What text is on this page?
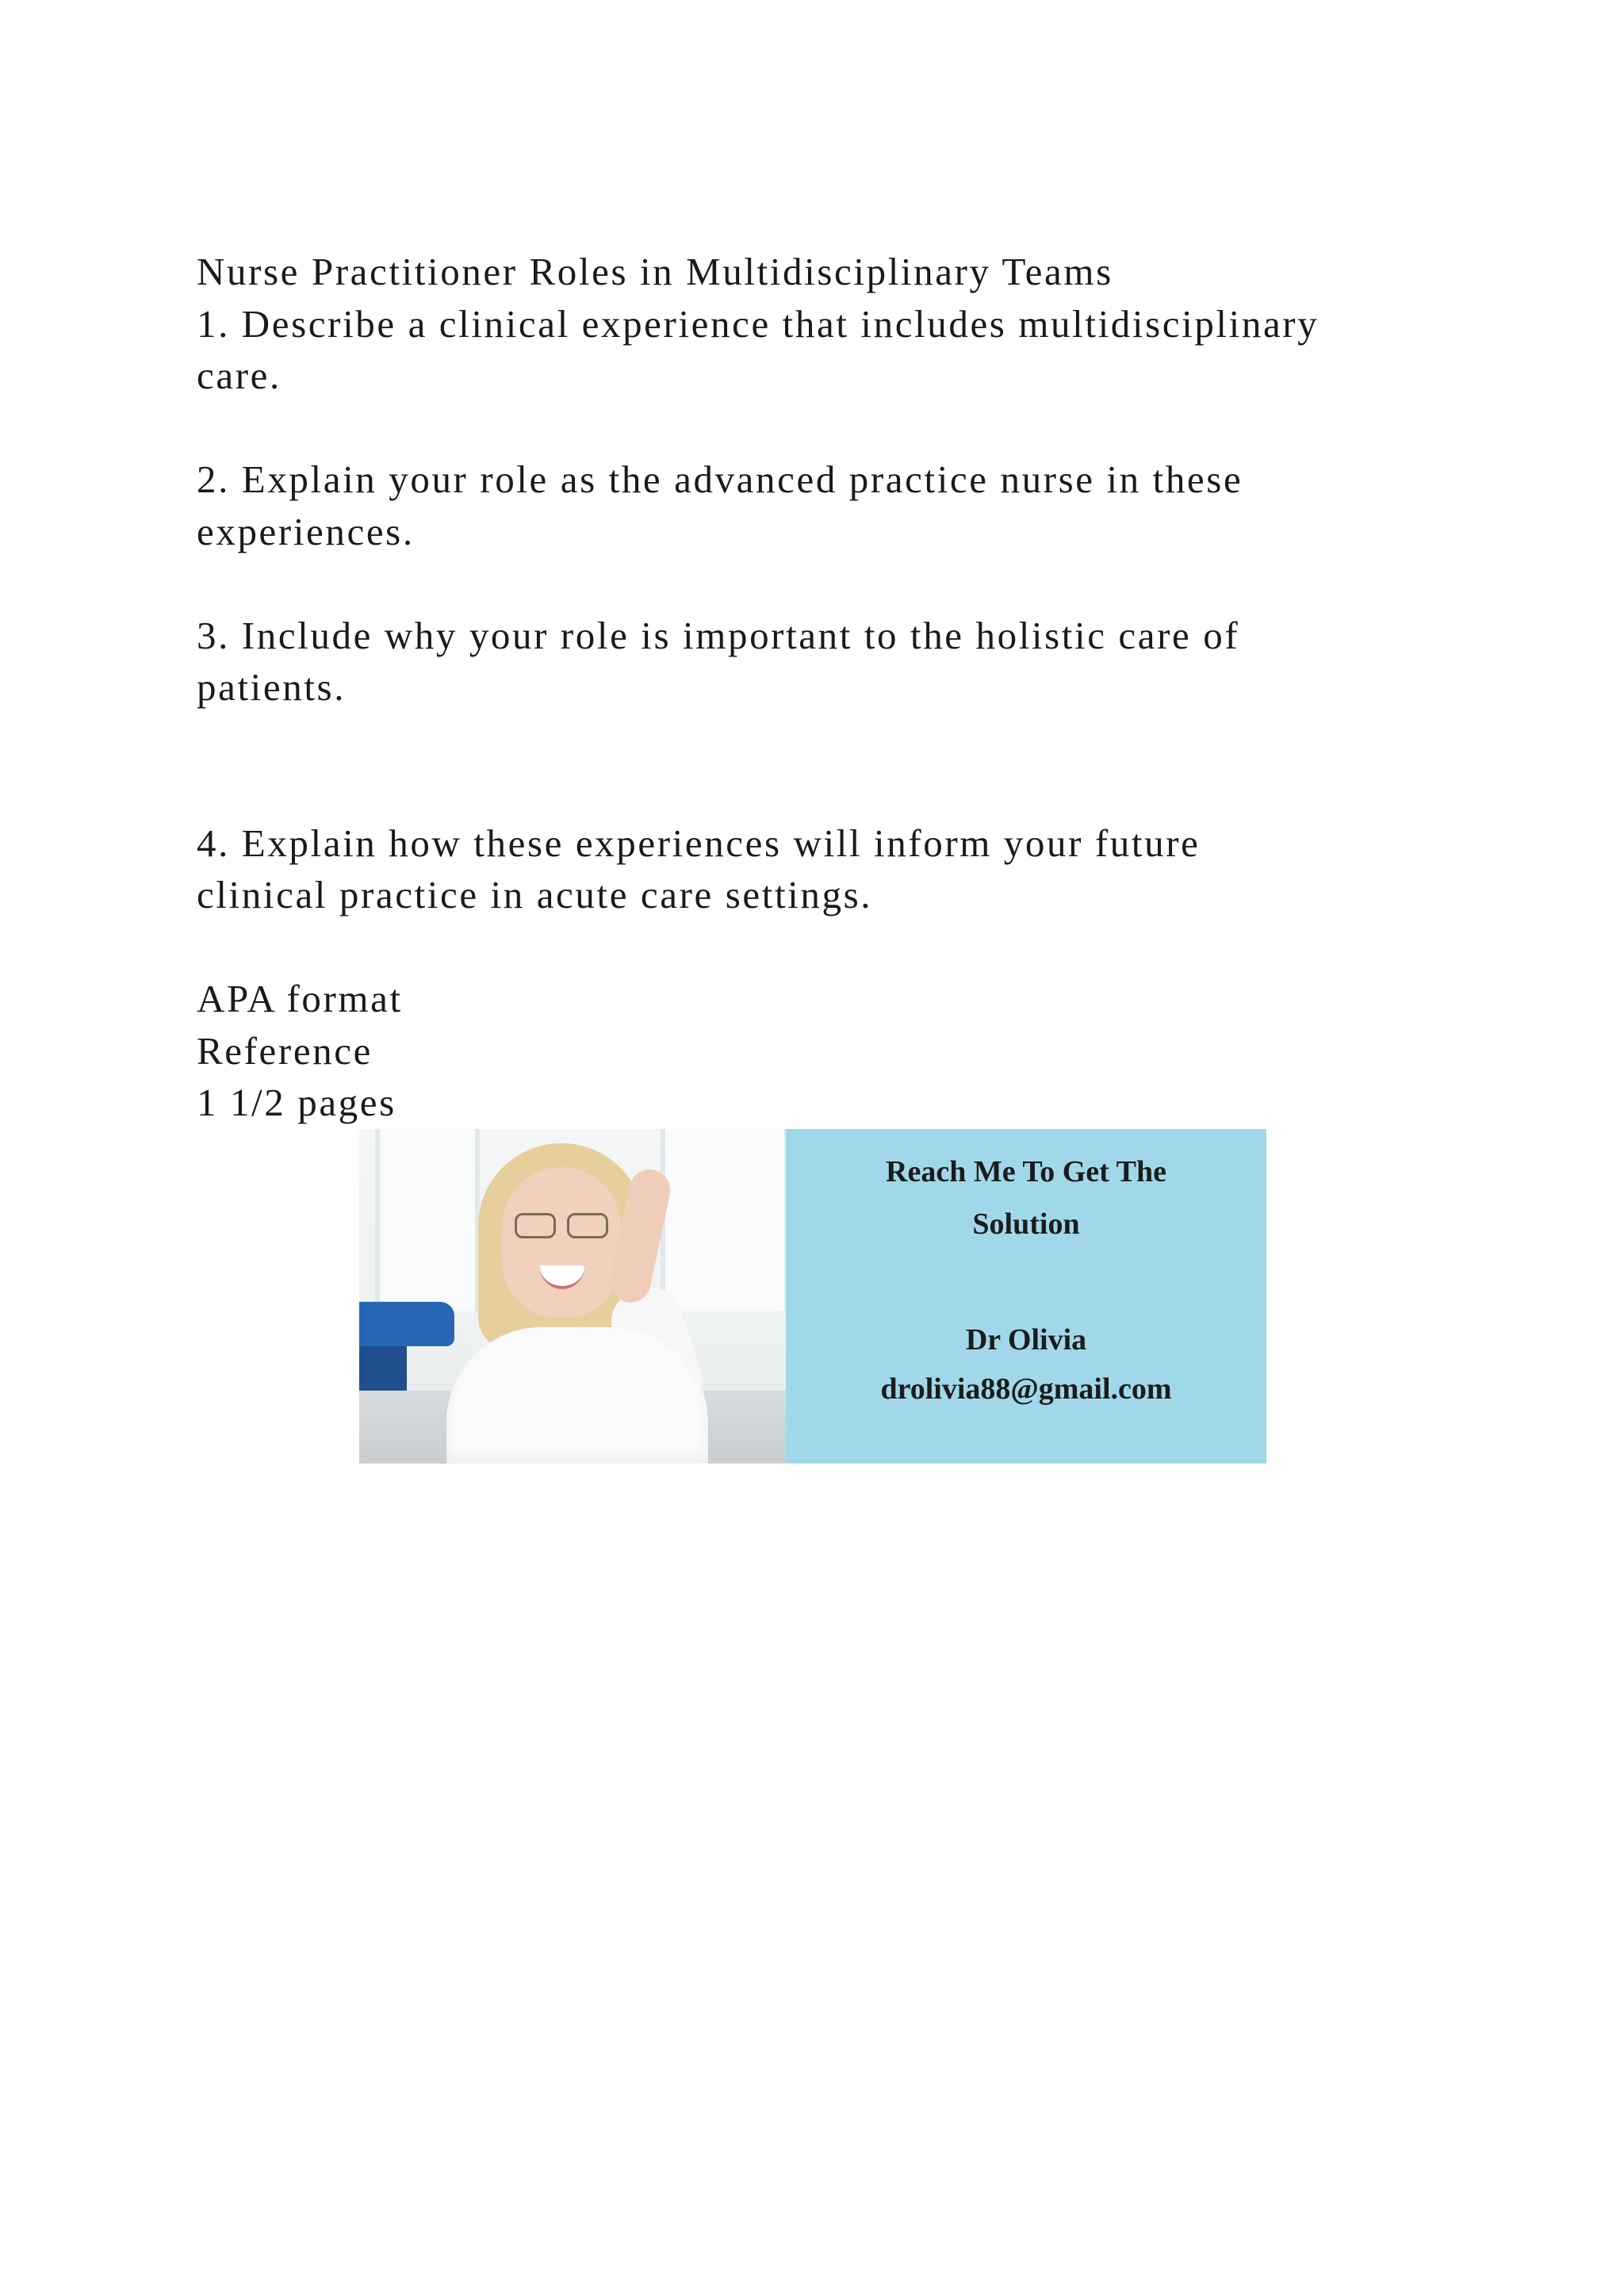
Nurse Practitioner Roles in Multidisciplinary Teams
1. Describe a clinical experience that includes multidisciplinary
care.
2. Explain your role as the advanced practice nurse in these
experiences.
3. Include why your role is important to the holistic care of
patients.
4. Explain how these experiences will inform your future
clinical practice in acute care settings.
APA format
Reference
1 1/2 pages
Reach Me To Get The
Solution
Dr Olivia
drolivia88@gmail.com
